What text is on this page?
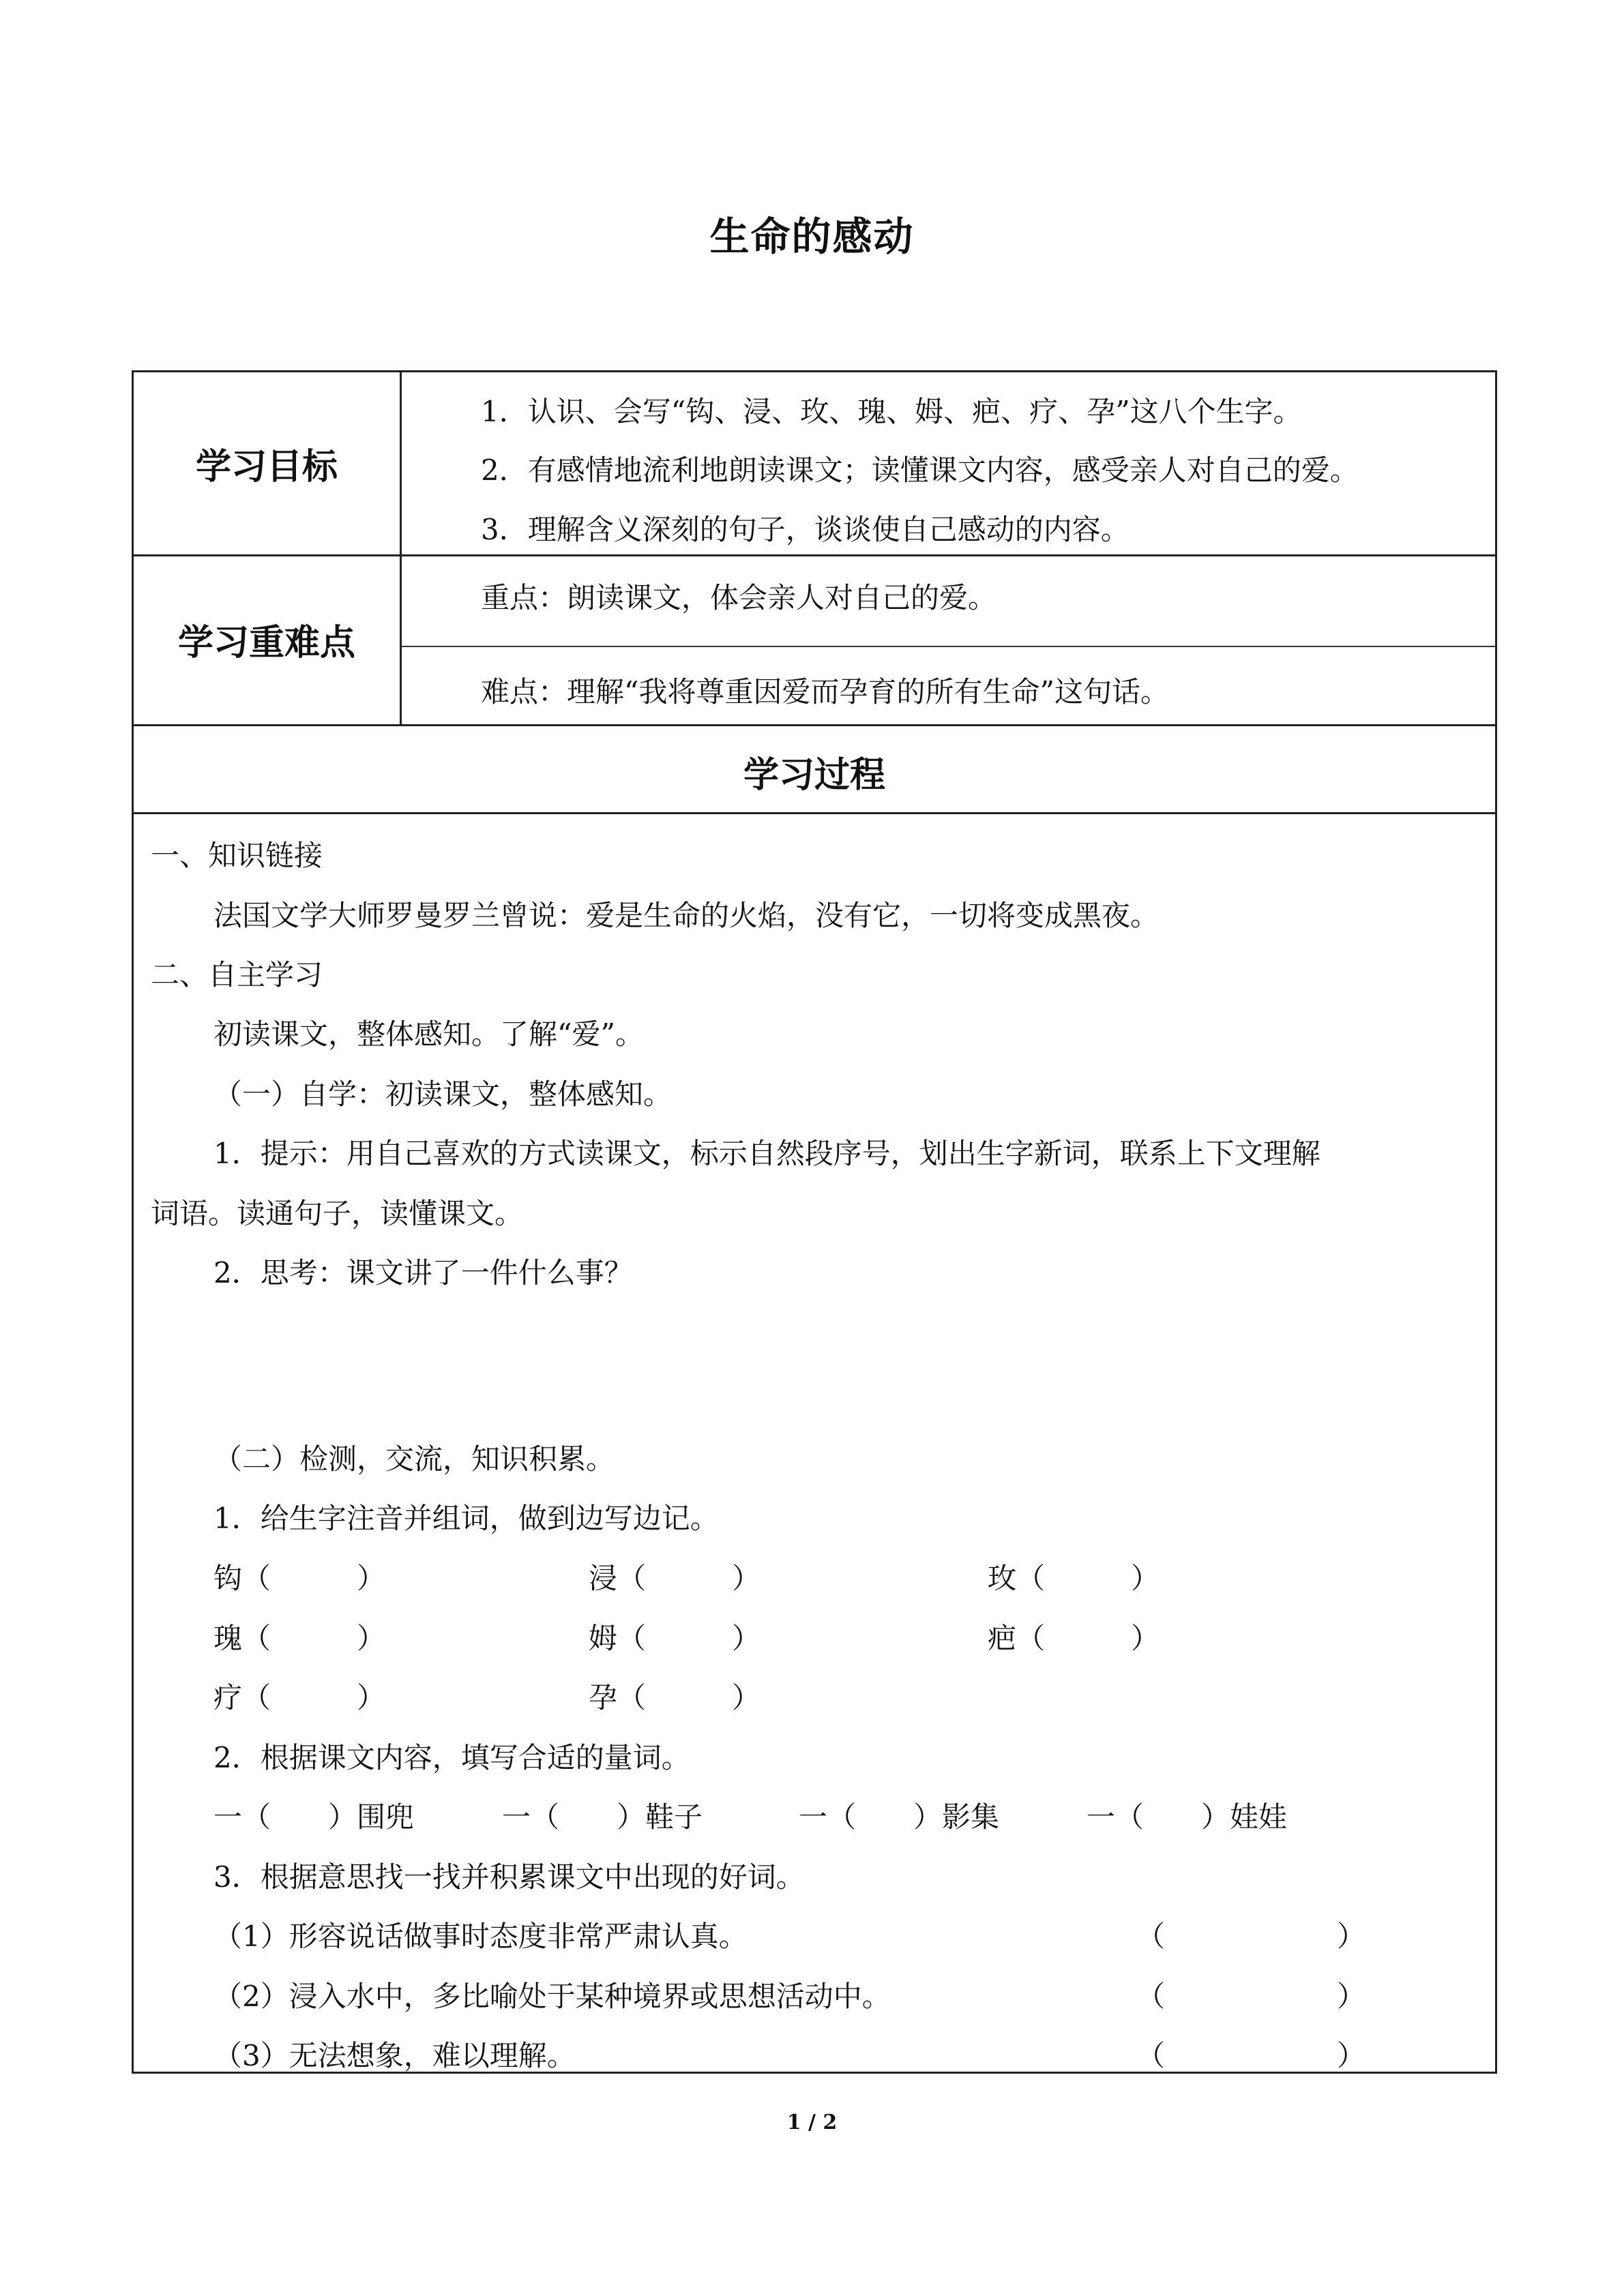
生命的感动
学习目标
1．认识、会写“钩、浸、玫、瑰、姆、疤、疗、孕”这八个生字。
2．有感情地流利地朗读课文；读懂课文内容，感受亲人对自己的爱。
3．理解含义深刻的句子，谈谈使自己感动的内容。
学习重难点
重点：朗读课文，体会亲人对自己的爱。
难点：理解“我将尊重因爱而孕育的所有生命”这句话。
学习过程
一、知识链接
法国文学大师罗曼罗兰曾说：爱是生命的火焰，没有它，一切将变成黑夜。
二、自主学习
初读课文，整体感知。了解“爱”。
（一）自学：初读课文，整体感知。
1．提示：用自己喜欢的方式读课文，标示自然段序号，划出生字新词，联系上下文理解
词语。读通句子，读懂课文。
2．思考：课文讲了一件什么事？
（二）检测，交流，知识积累。
1．给生字注音并组词，做到边写边记。
钩（　　　）	浸（　　　）	玫（　　　）
瑰（　　　）	姆（　　　）	疤（　　　）
疗（　　　）	孕（　　　）
2．根据课文内容，填写合适的量词。
一（　　）围兜	一（　　）鞋子	一（　　）影集	一（　　）娃娃
3．根据意思找一找并积累课文中出现的好词。
（1）形容说话做事时态度非常严肃认真。	（　　　　　　）
（2）浸入水中，多比喻处于某种境界或思想活动中。	（　　　　　　）
（3）无法想象，难以理解。	（　　　　　　）
1 / 2
